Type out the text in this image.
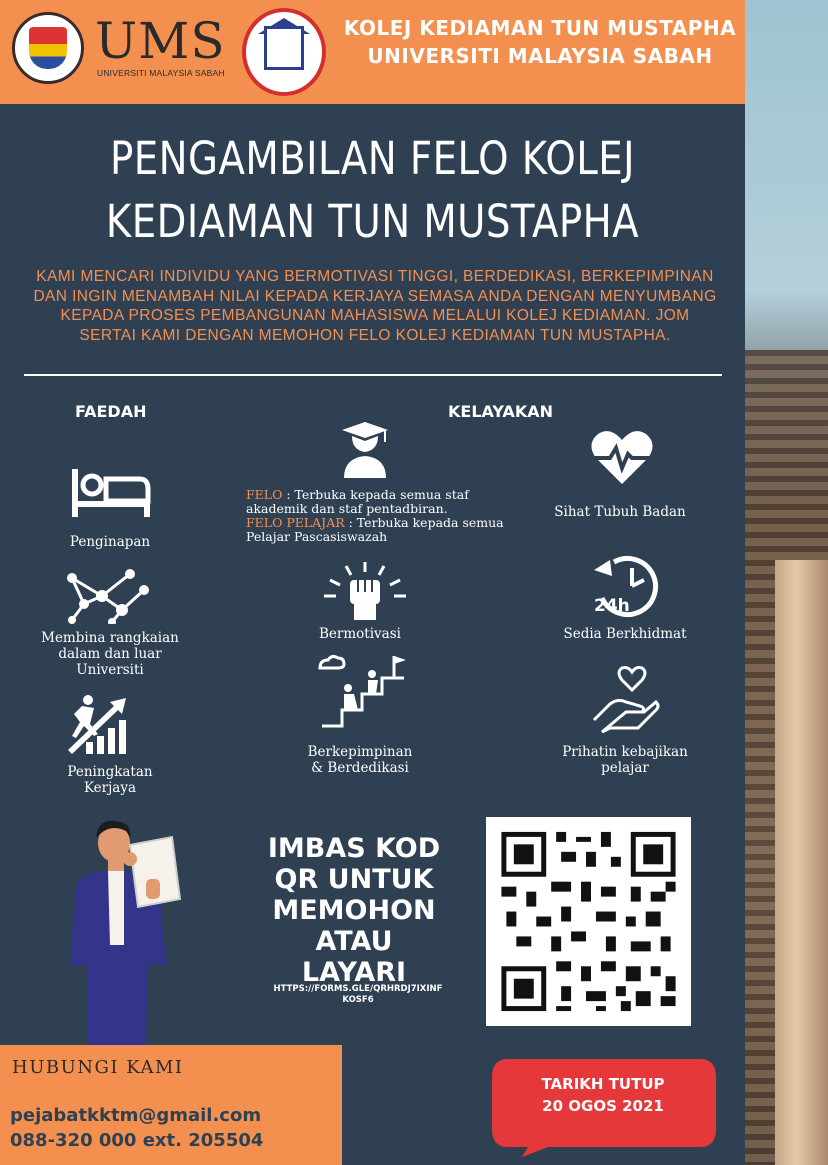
UMS
UNIVERSITI MALAYSIA SABAH
KOLEJ KEDIAMAN TUN MUSTAPHA
UNIVERSITI MALAYSIA SABAH
PENGAMBILAN FELO KOLEJ
KEDIAMAN TUN MUSTAPHA
KAMI MENCARI INDIVIDU YANG BERMOTIVASI TINGGI, BERDEDIKASI, BERKEPIMPINAN DAN INGIN MENAMBAH NILAI KEPADA KERJAYA SEMASA ANDA DENGAN MENYUMBANG KEPADA PROSES PEMBANGUNAN MAHASISWA MELALUI KOLEJ KEDIAMAN. JOM SERTAI KAMI DENGAN MEMOHON FELO KOLEJ KEDIAMAN TUN MUSTAPHA.
FAEDAH	KELAYAKAN
Penginapan
Membina rangkaian
dalam dan luar
Universiti
Peningkatan
Kerjaya
FELO : Terbuka kepada semua staf akademik dan staf pentadbiran.
FELO PELAJAR : Terbuka kepada semua Pelajar Pascasiswazah
Sihat Tubuh Badan
Bermotivasi
24h
Sedia Berkhidmat
Berkepimpinan
& Berdedikasi
Prihatin kebajikan
pelajar
IMBAS KOD
QR UNTUK
MEMOHON
ATAU
LAYARI
HTTPS://FORMS.GLE/QRHRDJ7IXINF
KOSF6
HUBUNGI KAMI
pejabatkktm@gmail.com
088-320 000 ext. 205504
TARIKH TUTUP
20 OGOS 2021
